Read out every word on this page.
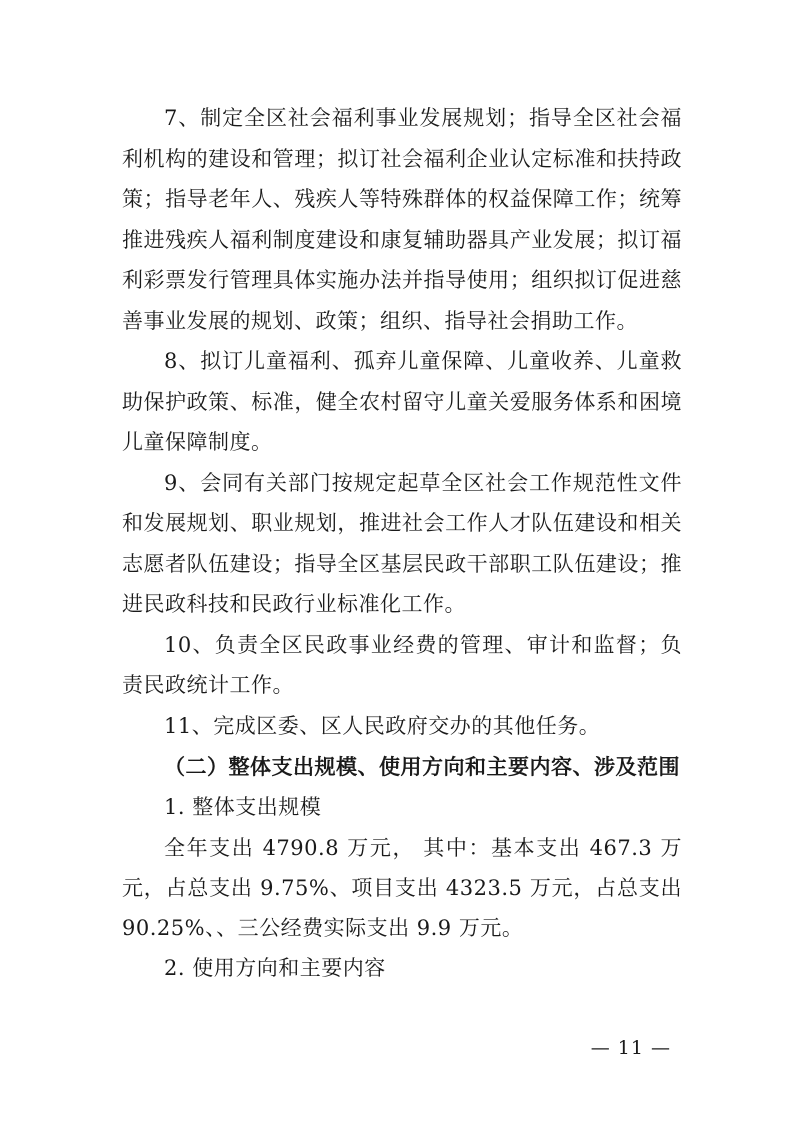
7、制定全区社会福利事业发展规划；指导全区社会福利机构的建设和管理；拟订社会福利企业认定标准和扶持政策；指导老年人、残疾人等特殊群体的权益保障工作；统筹推进残疾人福利制度建设和康复辅助器具产业发展；拟订福利彩票发行管理具体实施办法并指导使用；组织拟订促进慈善事业发展的规划、政策；组织、指导社会捐助工作。

8、拟订儿童福利、孤弃儿童保障、儿童收养、儿童救助保护政策、标准，健全农村留守儿童关爱服务体系和困境儿童保障制度。

9、会同有关部门按规定起草全区社会工作规范性文件和发展规划、职业规划，推进社会工作人才队伍建设和相关志愿者队伍建设；指导全区基层民政干部职工队伍建设；推进民政科技和民政行业标准化工作。

10、负责全区民政事业经费的管理、审计和监督；负责民政统计工作。

11、完成区委、区人民政府交办的其他任务。

（二）整体支出规模、使用方向和主要内容、涉及范围

1. 整体支出规模

全年支出 4790.8 万元， 其中：基本支出 467.3 万元，占总支出 9.75%、项目支出 4323.5 万元，占总支出 90.25%、、三公经费实际支出 9.9 万元。

2. 使用方向和主要内容

— 11 —
